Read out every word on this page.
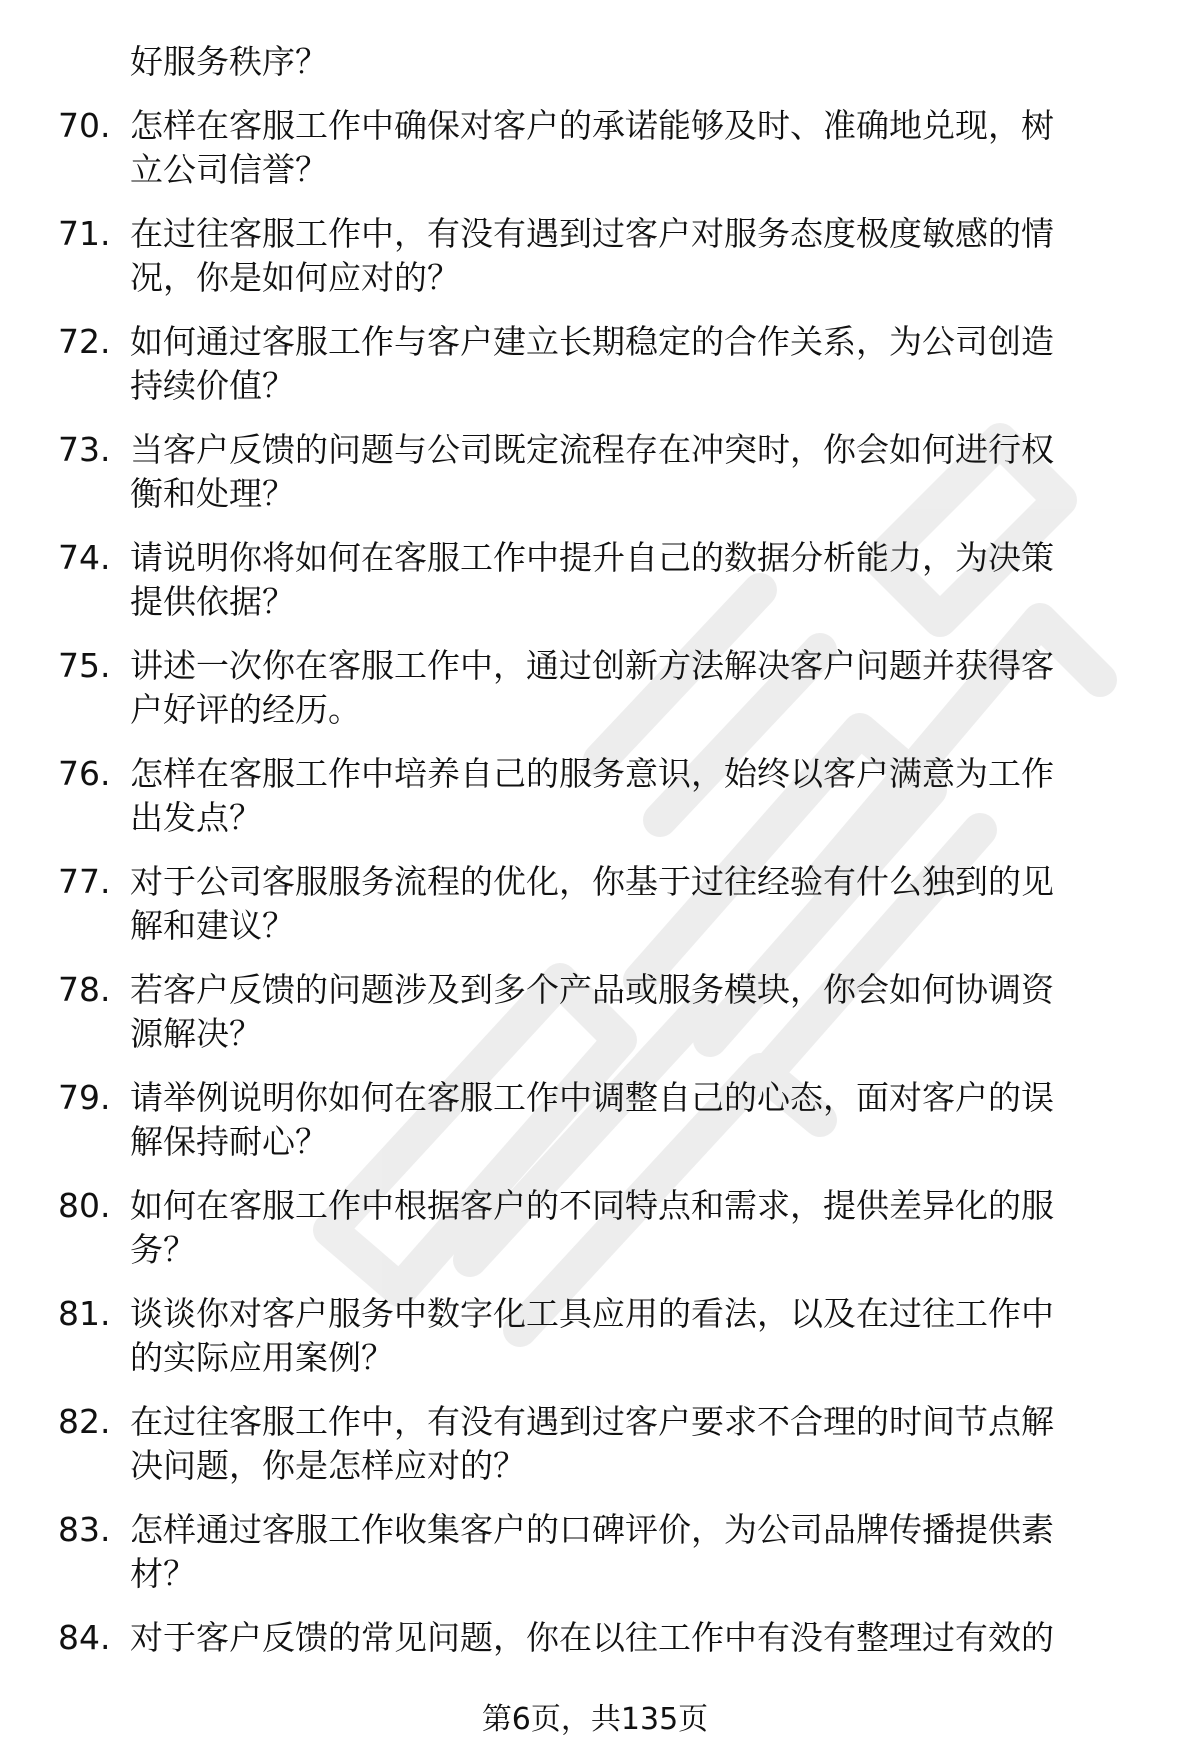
好服务秩序？
70. 怎样在客服工作中确保对客户的承诺能够及时、准确地兑现，树
立公司信誉？
71. 在过往客服工作中，有没有遇到过客户对服务态度极度敏感的情
况，你是如何应对的？
72. 如何通过客服工作与客户建立长期稳定的合作关系，为公司创造
持续价值？
73. 当客户反馈的问题与公司既定流程存在冲突时，你会如何进行权
衡和处理？
74. 请说明你将如何在客服工作中提升自己的数据分析能力，为决策
提供依据？
75. 讲述一次你在客服工作中，通过创新方法解决客户问题并获得客
户好评的经历。
76. 怎样在客服工作中培养自己的服务意识，始终以客户满意为工作
出发点？
77. 对于公司客服服务流程的优化，你基于过往经验有什么独到的见
解和建议？
78. 若客户反馈的问题涉及到多个产品或服务模块，你会如何协调资
源解决？
79. 请举例说明你如何在客服工作中调整自己的心态，面对客户的误
解保持耐心？
80. 如何在客服工作中根据客户的不同特点和需求，提供差异化的服
务？
81. 谈谈你对客户服务中数字化工具应用的看法，以及在过往工作中
的实际应用案例？
82. 在过往客服工作中，有没有遇到过客户要求不合理的时间节点解
决问题，你是怎样应对的？
83. 怎样通过客服工作收集客户的口碑评价，为公司品牌传播提供素
材？
84. 对于客户反馈的常见问题，你在以往工作中有没有整理过有效的
第6页，共135页
